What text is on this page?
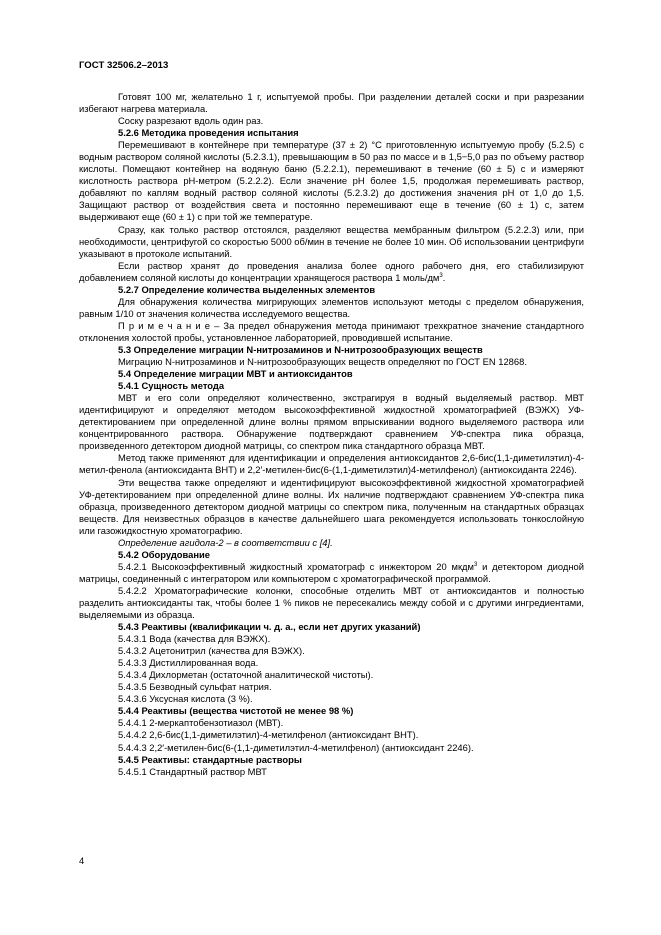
ГОСТ 32506.2–2013

Готовят 100 мг, желательно 1 г, испытуемой пробы. При разделении деталей соски и при разрезании избегают нагрева материала.

Соску разрезают вдоль один раз.

5.2.6 Методика проведения испытания

Перемешивают в контейнере при температуре (37 ± 2) °С приготовленную испытуемую пробу (5.2.5) с водным раствором соляной кислоты (5.2.3.1), превышающим в 50 раз по массе и в 1,5−5,0 раз по объему раствор кислоты. Помещают контейнер на водяную баню (5.2.2.1), перемешивают в течение (60 ± 5) с и измеряют кислотность раствора рН-метром (5.2.2.2). Если значение рН более 1,5, продолжая перемешивать раствор, добавляют по каплям водный раствор соляной кислоты (5.2.3.2) до достижения значения рН от 1,0 до 1,5. Защищают раствор от воздействия света и постоянно перемешивают еще в течение (60 ± 1) с, затем выдерживают еще (60 ± 1) с при той же температуре.

Сразу, как только раствор отстоялся, разделяют вещества мембранным фильтром (5.2.2.3) или, при необходимости, центрифугой со скоростью 5000 об/мин в течение не более 10 мин. Об использовании центрифуги указывают в протоколе испытаний.

Если раствор хранят до проведения анализа более одного рабочего дня, его стабилизируют добавлением соляной кислоты до концентрации хранящегося раствора 1 моль/$дм^3$.

5.2.7 Определение количества выделенных элементов

Для обнаружения количества мигрирующих элементов используют методы с пределом обнаружения, равным 1/10 от значения количества исследуемого вещества.

П р и м е ч а н и е – За предел обнаружения метода принимают трехкратное значение стандартного отклонения холостой пробы, установленное лабораторией, проводившей испытание.

5.3 Определение миграции N-нитрозаминов и N-нитрозообразующих веществ

Миграцию N-нитрозаминов и N-нитрозообразующих веществ определяют по ГОСТ EN 12868.

5.4 Определение миграции МВТ и антиоксидантов

5.4.1 Сущность метода

МВТ и его соли определяют количественно, экстрагируя в водный выделяемый раствор. МВТ идентифицируют и определяют методом высокоэффективной жидкостной хроматографией (ВЭЖХ) УФ-детектированием при определенной длине волны прямом впрыскивании водного выделяемого раствора или концентрированного раствора. Обнаружение подтверждают сравнением УФ-спектра пика образца, произведенного детектором диодной матрицы, со спектром пика стандартного образца МВТ.

Метод также применяют для идентификации и определения антиоксидантов 2,6-бис(1,1-диметилэтил)-4-метил-фенола (антиоксиданта ВНТ) и 2,2′-метилен-бис(6-(1,1-диметилэтил)4-метилфенол) (антиоксиданта 2246).

Эти вещества также определяют и идентифицируют высокоэффективной жидкостной хроматографией УФ-детектированием при определенной длине волны. Их наличие подтверждают сравнением УФ-спектра пика образца, произведенного детектором диодной матрицы со спектром пика, полученным на стандартных образцах веществ. Для неизвестных образцов в качестве дальнейшего шага рекомендуется использовать тонкослойную или газожидкостную хроматографию.

Определение агидола-2 – в соответствии с [4].

5.4.2 Оборудование

5.4.2.1 Высокоэффективный жидкостный хроматограф с инжектором 20 мкдм$^3$ и детектором диодной матрицы, соединенный с интегратором или компьютером с хроматографической программой.

5.4.2.2 Хроматографические колонки, способные отделить МВТ от антиоксидантов и полностью разделить антиоксиданты так, чтобы более 1 % пиков не пересекались между собой и с другими ингредиентами, выделяемыми из образца.

5.4.3 Реактивы (квалификации ч. д. а., если нет других указаний)

5.4.3.1 Вода (качества для ВЭЖХ).

5.4.3.2 Ацетонитрил (качества для ВЭЖХ).

5.4.3.3 Дистиллированная вода.

5.4.3.4 Дихлорметан (остаточной аналитической чистоты).

5.4.3.5 Безводный сульфат натрия.

5.4.3.6 Уксусная кислота (3 %).

5.4.4 Реактивы (вещества чистотой не менее 98 %)

5.4.4.1 2-меркаптобензотиазол (МВТ).

5.4.4.2 2,6-бис(1,1-диметилэтил)-4-метилфенол (антиоксидант ВНТ).

5.4.4.3 2,2′-метилен-бис(6-(1,1-диметилэтил-4-метилфенол) (антиоксидант 2246).

5.4.5 Реактивы: стандартные растворы

5.4.5.1 Стандартный раствор МВТ

4
